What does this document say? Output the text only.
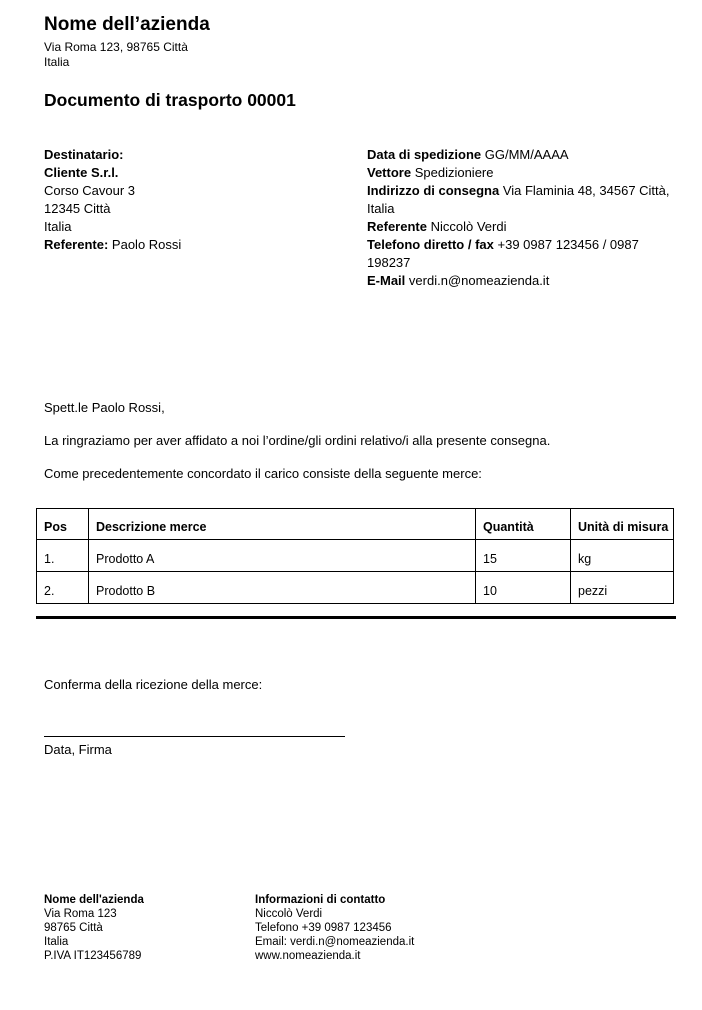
Nome dell’azienda
Via Roma 123, 98765 Città
Italia
Documento di trasporto 00001
Destinatario:
Cliente S.r.l.
Corso Cavour 3
12345 Città
Italia
Referente: Paolo Rossi
Data di spedizione GG/MM/AAAA
Vettore Spedizioniere
Indirizzo di consegna Via Flaminia 48, 34567 Città, Italia
Referente Niccolò Verdi
Telefono diretto / fax +39 0987 123456 / 0987 198237
E-Mail verdi.n@nomeazienda.it

Spett.le Paolo Rossi,

La ringraziamo per aver affidato a noi l’ordine/gli ordini relativo/i alla presente consegna.

Come precedentemente concordato il carico consiste della seguente merce:

Pos	Descrizione merce	Quantità	Unità di misura
1.	Prodotto A	15	kg
2.	Prodotto B	10	pezzi
Conferma della ricezione della merce:
Data, Firma
Nome dell'azienda
Via Roma 123
98765 Città
Italia
P.IVA IT123456789
Informazioni di contatto
Niccolò Verdi
Telefono +39 0987 123456
Email: verdi.n@nomeazienda.it
www.nomeazienda.it
